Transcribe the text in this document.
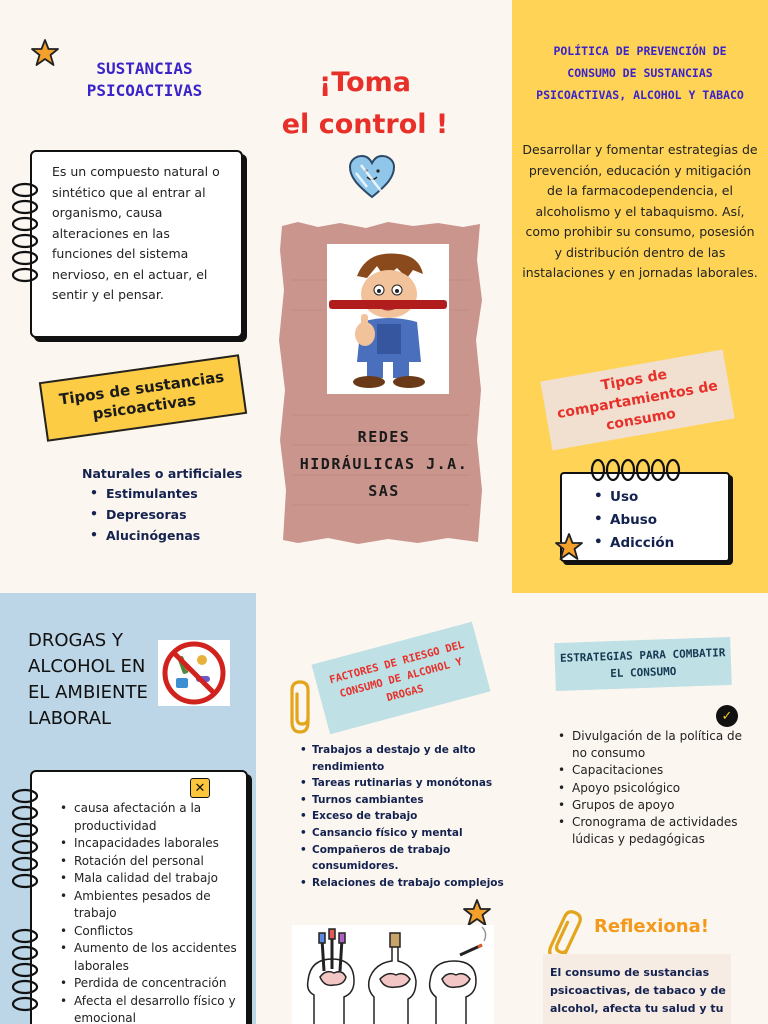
SUSTANCIAS PSICOACTIVAS

Es un compuesto natural o sintético que al entrar al organismo, causa alteraciones en las funciones del sistema nervioso, en el actuar, el sentir y el pensar.

Tipos de sustancias psicoactivas
Naturales o artificiales
• Estimulantes
• Depresoras
• Alucinógenas
¡Toma
el control !
REDES
HIDRÁULICAS J.A.
SAS
POLÍTICA DE PREVENCIÓN DE CONSUMO DE SUSTANCIAS PSICOACTIVAS, ALCOHOL Y TABACO
Desarrollar y fomentar estrategias de prevención, educación y mitigación de la farmacodependencia, el alcoholismo y el tabaquismo. Así, como prohibir su consumo, posesión y distribución dentro de las instalaciones y en jornadas laborales.
Tipos de compartamientos de consumo
• Uso
• Abuso
• Adicción
DROGAS Y ALCOHOL EN EL AMBIENTE LABORAL
✕
• causa afectación a la productividad
• Incapacidades laborales
• Rotación del personal
• Mala calidad del trabajo
• Ambientes pesados de trabajo
• Conflictos
• Aumento de los accidentes laborales
• Perdida de concentración
• Afecta el desarrollo físico y emocional
FACTORES DE RIESGO DEL CONSUMO DE ALCOHOL Y DROGAS
• Trabajos a destajo y de alto rendimiento
• Tareas rutinarias y monótonas
• Turnos cambiantes
• Exceso de trabajo
• Cansancio físico y mental
• Compañeros de trabajo consumidores.
• Relaciones de trabajo complejos
ESTRATEGIAS PARA COMBATIR EL CONSUMO
✓
• Divulgación de la política de no consumo
• Capacitaciones
• Apoyo psicológico
• Grupos de apoyo
• Cronograma de actividades lúdicas y pedagógicas
Reflexiona!
El consumo de sustancias psicoactivas, de tabaco y de alcohol, afecta tu salud y tu
